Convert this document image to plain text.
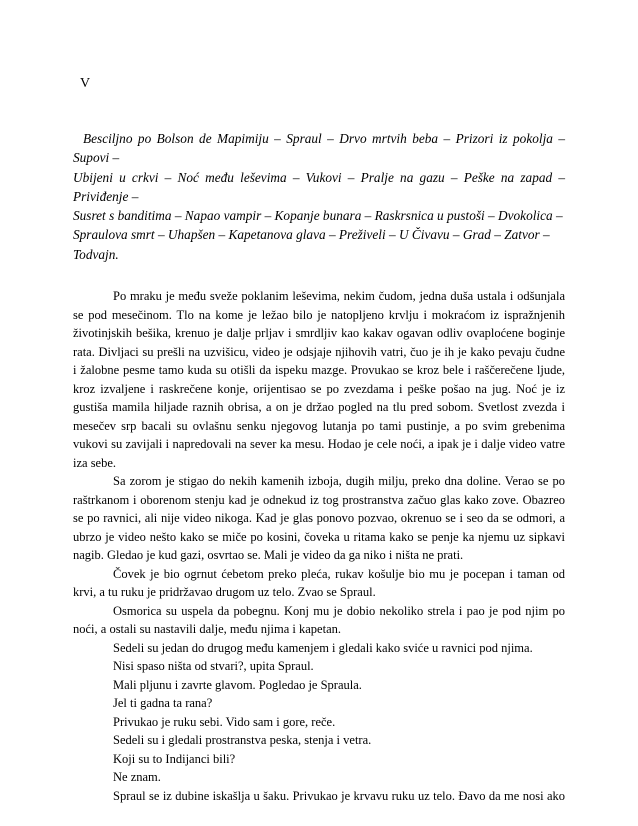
V
Besciljno po Bolson de Mapimiju – Spraul – Drvo mrtvih beba – Prizori iz pokolja – Supovi –
Ubijeni u crkvi – Noć među leševima – Vukovi – Pralje na gazu – Peške na zapad – Priviđenje –
Susret s banditima – Napao vampir – Kopanje bunara – Raskrsnica u pustoši – Dvokolica –
Spraulova smrt – Uhapšen – Kapetanova glava – Preživeli – U Čivavu – Grad – Zatvor –
Todvajn.
Po mraku je među sveže poklanim leševima, nekim čudom, jedna duša ustala i odšunjala
se pod mesečinom. Tlo na kome je ležao bilo je natopljeno krvlju i mokraćom iz ispražnjenih
životinjskih bešika, krenuo je dalje prljav i smrdljiv kao kakav ogavan odliv ovaploćene boginje
rata. Divljaci su prešli na uzvišicu, video je odsjaje njihovih vatri, čuo je ih je kako pevaju čudne
i žalobne pesme tamo kuda su otišli da ispeku mazge. Provukao se kroz bele i raščerečene ljude,
kroz izvaljene i raskrečene konje, orijentisao se po zvezdama i peške pošao na jug. Noć je iz
gustiša mamila hiljade raznih obrisa, a on je držao pogled na tlu pred sobom. Svetlost zvezda i
mesečev srp bacali su ovlašnu senku njegovog lutanja po tami pustinje, a po svim grebenima
vukovi su zavijali i napredovali na sever ka mesu. Hodao je cele noći, a ipak je i dalje video vatre
iza sebe.
Sa zorom je stigao do nekih kamenih izboja, dugih milju, preko dna doline. Verao se po
raštrkanom i oborenom stenju kad je odnekud iz tog prostranstva začuo glas kako zove. Obazreo
se po ravnici, ali nije video nikoga. Kad je glas ponovo pozvao, okrenuo se i seo da se odmori, a
ubrzo je video nešto kako se miče po kosini, čoveka u ritama kako se penje ka njemu uz sipkavi
nagib. Gledao je kud gazi, osvrtao se. Mali je video da ga niko i ništa ne prati.
Čovek je bio ogrnut ćebetom preko pleća, rukav košulje bio mu je pocepan i taman od
krvi, a tu ruku je pridržavao drugom uz telo. Zvao se Spraul.
Osmorica su uspela da pobegnu. Konj mu je dobio nekoliko strela i pao je pod njim po
noći, a ostali su nastavili dalje, među njima i kapetan.
Sedeli su jedan do drugog među kamenjem i gledali kako sviće u ravnici pod njima.
Nisi spaso ništa od stvari?, upita Spraul.
Mali pljunu i zavrte glavom. Pogledao je Spraula.
Jel ti gadna ta rana?
Privukao je ruku sebi. Vido sam i gore, reče.
Sedeli su i gledali prostranstva peska, stenja i vetra.
Koji su to Indijanci bili?
Ne znam.
Spraul se iz dubine iskašlja u šaku. Privukao je krvavu ruku uz telo. Đavo da me nosi ako
